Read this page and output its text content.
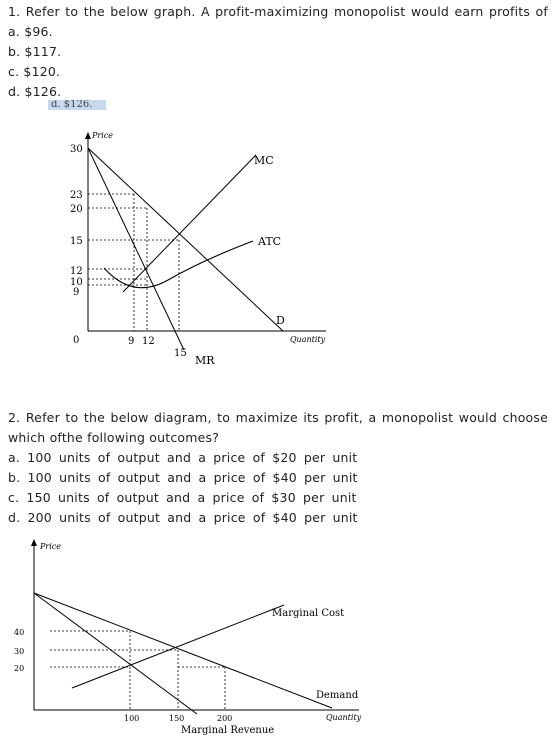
1. Refer to the below graph. A profit-maximizing monopolist would earn profits of

a. $96.

b. $117.

c. $120.

d. $126.

d. $126.
Price
Quantity
30
23
20
15
12
10
9
0	9 12
15
MC
ATC
D
MR

2. Refer to the below diagram, to maximize its profit, a monopolist would choose

which ofthe following outcomes?

a. 100 units of output and a price of $20 per unit

b. 100 units of output and a price of $40 per unit

c. 150 units of output and a price of $30 per unit

d. 200 units of output and a price of $40 per unit

Price
Quantity
40
30
20
100	150	200
Marginal Cost
Demand
Marginal Revenue
